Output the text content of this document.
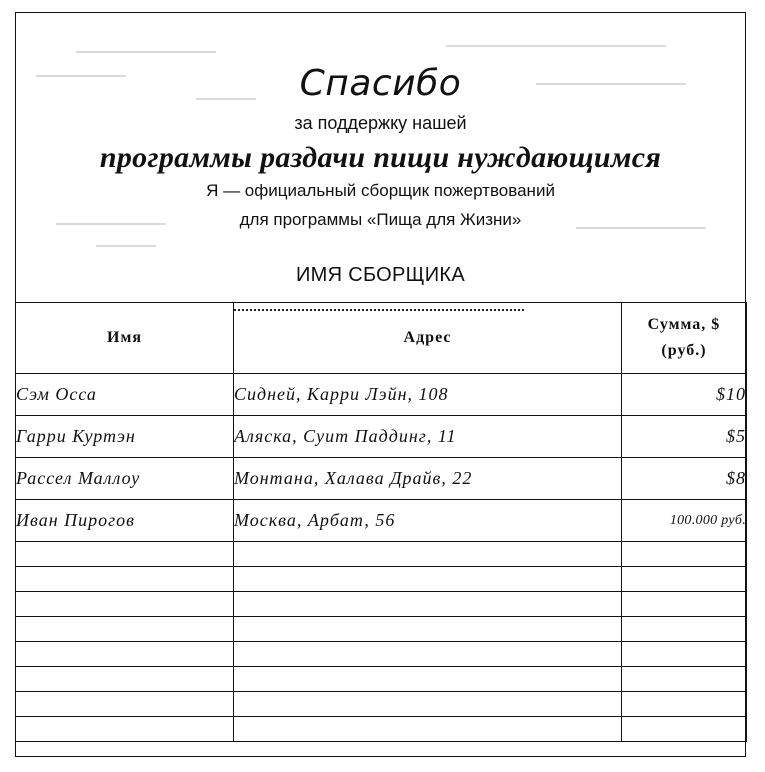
Спасибо
за поддержку нашей
программы раздачи пищи нуждающимся
Я — официальный сборщик пожертвований
для программы «Пища для Жизни»
ИМЯ СБОРЩИКА
Имя	Адрес	Сумма, $
(руб.)

Сэм Осса	Сидней, Карри Лэйн, 108	$10
Гарри Куртэн	Аляска, Суит Паддинг, 11	$5
Рассел Маллоу	Монтана, Халава Драйв, 22	$8
Иван Пирогов	Москва, Арбат, 56	100.000 руб.
